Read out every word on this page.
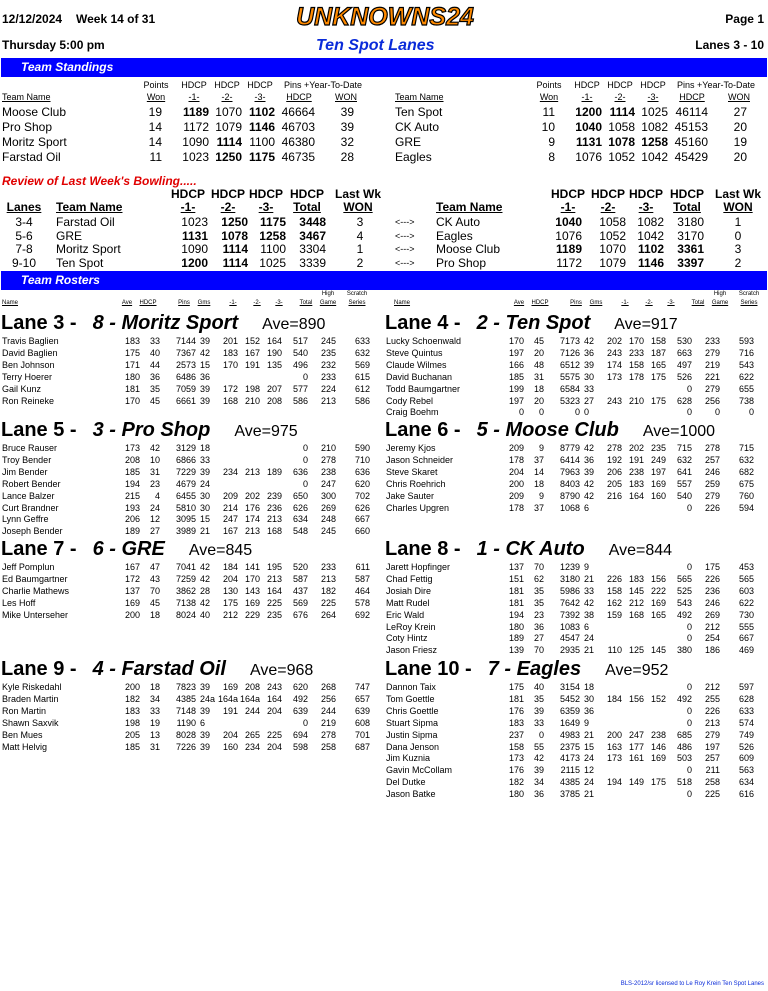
12/12/2024 Week 14 of 31	UNKNOWNS24	Page 1
Thursday 5:00 pm	Ten Spot Lanes	Lanes 3 - 10
Team Standings
Points
Won
HDCP
-1-
HDCP
-2-
HDCP
-3-
Pins +Year-To-Date
HDCP	WON
Team Name
Moose Club	19	1189 1070 1102 46664	39
Pro Shop	14	1172 1079 1146 46703	39
Moritz Sport	14 1090 1114 1100 46380	32
Farstad Oil	11 1023 1250 1175 46735	28
Points
Won
HDCP
-1-
HDCP
-2-
HDCP
-3-
Pins +Year-To-Date
HDCP	WON
Team Name
Ten Spot	11 1200 1114 1025 46114	27
CK Auto	10 1040 1058 1082 45153	20
GRE	9	1131 1078 1258 45160	19
Eagles	8 1076 1052 1042 45429	20
Review of Last Week's Bowling.....
Lanes Team Name
HDCP
-1-
HDCP
-2-
HDCP
-3-
HDCP
Total
Last Wk
WON
HDCP
-1-
HDCP
-2-
HDCP
-3-
HDCP
Total
Last Wk
WON
Team Name
3-4	Farstad Oil	1023	1250 1175	3448	3	<---> CK Auto	1040	1058 1082	3180	1
5-6	GRE	1131	1078 1258	3467	4	<---> Eagles	1076	1052 1042	3170	0
7-8	Moritz Sport	1090	1114	1100	3304	1	<---> Moose Club	1189	1070 1102	3361	3
9-10	Ten Spot	1200	1114 1025	3339	2	<---> Pro Shop	1172	1079 1146	3397	2
Team Rosters
Name	Ave	HDCP	Pins	Gms	-1-	-2-	-3-	Total
High
Game
Scratch
Series	Name	Ave	HDCP	Pins	Gms	-1-	-2-	-3-	Total
High
Game
Scratch
Series
Lane 3 - 8 - Moritz Sport Ave=890
Travis Baglien	183	33	7144 39	201 152 164	517	245	633
David Baglien	175	40	7367 42	183 167 190	540	235	632
Ben Johnson	171	44	2573 15	170 191 135	496	232	569
Terry Hoerer	180	36	6486 36	0	233	615
Gail Kunz	181	35	7059 39	172 198 207	577	224	612
Ron Reineke	170	45	6661 39	168 210 208	586	213	586
Lane 4 - 2 - Ten Spot Ave=917
Lucky Schoenwald	170	45	7173 42	202 170 158	530	233	593
Steve Quintus	197	20	7126 36	243 233 187	663	279	716
Claude Wilmes	166	48	6512 39	174 158 165	497	219	543
David Buchanan	185	31	5575 30	173 178 175	526	221	622
Todd Baumgartner	199	18	6584 33	0	279	655
Cody Rebel	197	20	5323 27	243 210 175	628	256	738
Craig Boehm	0	0	0 0	0	0	0
Lane 5 - 3 - Pro Shop Ave=975
Bruce Rauser	173	42	3129 18	0	210	590
Troy Bender	208	10	6866 33	0	278	710
Jim Bender	185	31	7229 39	234 213 189	636	238	636
Robert Bender	194	23	4679 24	0	247	620
Lance Balzer	215	4	6455 30	209 202 239	650	300	702
Curt Brandner	193	24	5810 30	214 176 236	626	269	626
Lynn Geffre	206	12	3095 15	247 174 213	634	248	667
Joseph Bender	189	27	3989 21	167 213 168	548	245	660
Lane 6 - 5 - Moose Club Ave=1000
Jeremy Kjos	209	9	8779 42	278 202 235	715	278	715
Jason Schneider	178	37	6414 36	192 191 249	632	257	632
Steve Skaret	204	14	7963 39	206 238 197	641	246	682
Chris Roehrich	200	18	8403 42	205 183 169	557	259	675
Jake Sauter	209	9	8790 42	216 164 160	540	279	760
Charles Upgren	178	37	1068 6	0	226	594
Lane 7 - 6 - GRE Ave=845
Jeff Pomplun	167	47	7041 42	184 141 195	520	233	611
Ed Baumgartner	172	43	7259 42	204 170 213	587	213	587
Charlie Mathews	137	70	3862 28	130 143 164	437	182	464
Les Hoff	169	45	7138 42	175 169 225	569	225	578
Mike Unterseher	200	18	8024 40	212 229 235	676	264	692
Lane 8 - 1 - CK Auto Ave=844
Jarett Hopfinger	137	70	1239 9	0	175	453
Chad Fettig	151	62	3180 21	226 183 156	565	226	565
Josiah Dire	181	35	5986 33	158 145 222	525	236	603
Matt Rudel	181	35	7642 42	162 212 169	543	246	622
Eric Wald	194	23	7392 38	159 168 165	492	269	730
LeRoy Krein	180	36	1083 6	0	212	555
Coty Hintz	189	27	4547 24	0	254	667
Jason Friesz	139	70	2935 21	110 125 145	380	186	469
Lane 9 - 4 - Farstad Oil Ave=968
Kyle Riskedahl	200	18	7823 39	169 208 243	620	268	747
Braden Martin	182	34	4385 24a 164a 164a 164	492	256	657
Ron Martin	183	33	7148 39	191 244 204	639	244	639
Shawn Saxvik	198	19	1190 6	0	219	608
Ben Mues	205	13	8028 39	204 265 225	694	278	701
Matt Helvig	185	31	7226 39	160 234 204	598	258	687
Lane 10 - 7 - Eagles Ave=952
Dannon Taix	175	40	3154 18	0	212	597
Tom Goettle	181	35	5452 30	184 156 152	492	255	628
Chris Goettle	176	39	6359 36	0	226	633
Stuart Sipma	183	33	1649 9	0	213	574
Justin Sipma	237	0	4983 21	200 247 238	685	279	749
Dana Jenson	158	55	2375 15	163 177 146	486	197	526
Jim Kuznia	173	42	4173 24	173 161 169	503	257	609
Gavin McCollam	176	39	2115 12	0	211	563
Del Dutke	182	34	4385 24	194 149 175	518	258	634
Jason Batke	180	36	3785 21	0	225	616
BLS-2012/sr licensed to Le Roy Krein Ten Spot Lanes
